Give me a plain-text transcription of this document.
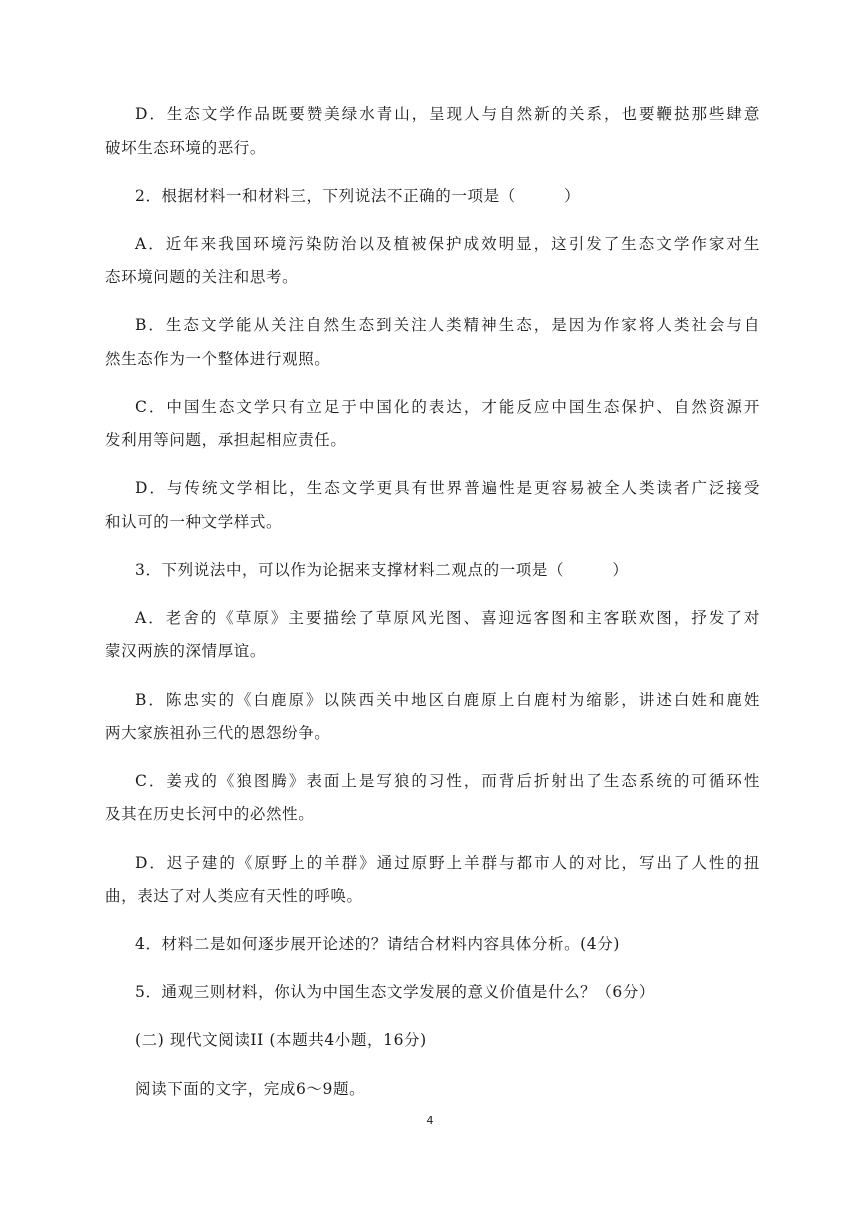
D．生态文学作品既要赞美绿水青山，呈现人与自然新的关系，也要鞭挞那些肆意
破坏生态环境的恶行。
2．根据材料一和材料三，下列说法不正确的一项是（　　　）
A．近年来我国环境污染防治以及植被保护成效明显，这引发了生态文学作家对生
态环境问题的关注和思考。
B．生态文学能从关注自然生态到关注人类精神生态，是因为作家将人类社会与自
然生态作为一个整体进行观照。
C．中国生态文学只有立足于中国化的表达，才能反应中国生态保护、自然资源开
发利用等问题，承担起相应责任。
D．与传统文学相比，生态文学更具有世界普遍性是更容易被全人类读者广泛接受
和认可的一种文学样式。
3．下列说法中，可以作为论据来支撑材料二观点的一项是（　　　）
A．老舍的《草原》主要描绘了草原风光图、喜迎远客图和主客联欢图，抒发了对
蒙汉两族的深情厚谊。
B．陈忠实的《白鹿原》以陕西关中地区白鹿原上白鹿村为缩影，讲述白姓和鹿姓
两大家族祖孙三代的恩怨纷争。
C．姜戎的《狼图腾》表面上是写狼的习性，而背后折射出了生态系统的可循环性
及其在历史长河中的必然性。
D．迟子建的《原野上的羊群》通过原野上羊群与都市人的对比，写出了人性的扭
曲，表达了对人类应有天性的呼唤。
4．材料二是如何逐步展开论述的？请结合材料内容具体分析。(4分)
5．通观三则材料，你认为中国生态文学发展的意义价值是什么？（6分）
(二) 现代文阅读II (本题共4小题，16分)
阅读下面的文字，完成6～9题。
4
